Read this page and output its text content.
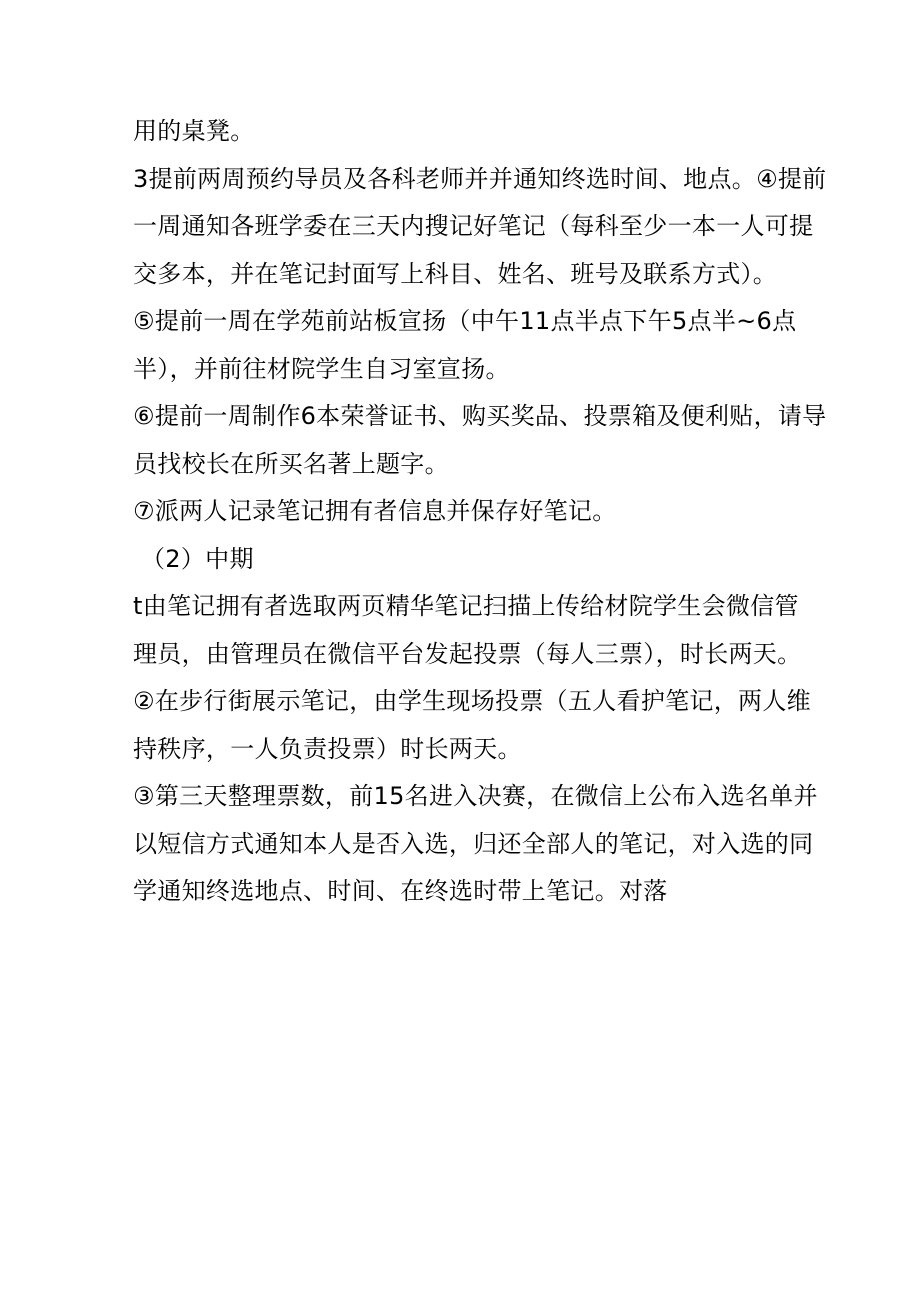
用的桌凳。
3提前两周预约导员及各科老师并并通知终选时间、地点。④提前
一周通知各班学委在三天内搜记好笔记（每科至少一本一人可提
交多本，并在笔记封面写上科目、姓名、班号及联系方式）。
⑤提前一周在学苑前站板宣扬（中午11点半点下午5点半~6点
半），并前往材院学生自习室宣扬。
⑥提前一周制作6本荣誉证书、购买奖品、投票箱及便利贴，请导
员找校长在所买名著上题字。
⑦派两人记录笔记拥有者信息并保存好笔记。
（2）中期
t由笔记拥有者选取两页精华笔记扫描上传给材院学生会微信管
理员，由管理员在微信平台发起投票（每人三票），时长两天。
②在步行街展示笔记，由学生现场投票（五人看护笔记，两人维
持秩序，一人负责投票）时长两天。
③第三天整理票数，前15名进入决赛，在微信上公布入选名单并
以短信方式通知本人是否入选，归还全部人的笔记，对入选的同
学通知终选地点、时间、在终选时带上笔记。对落
